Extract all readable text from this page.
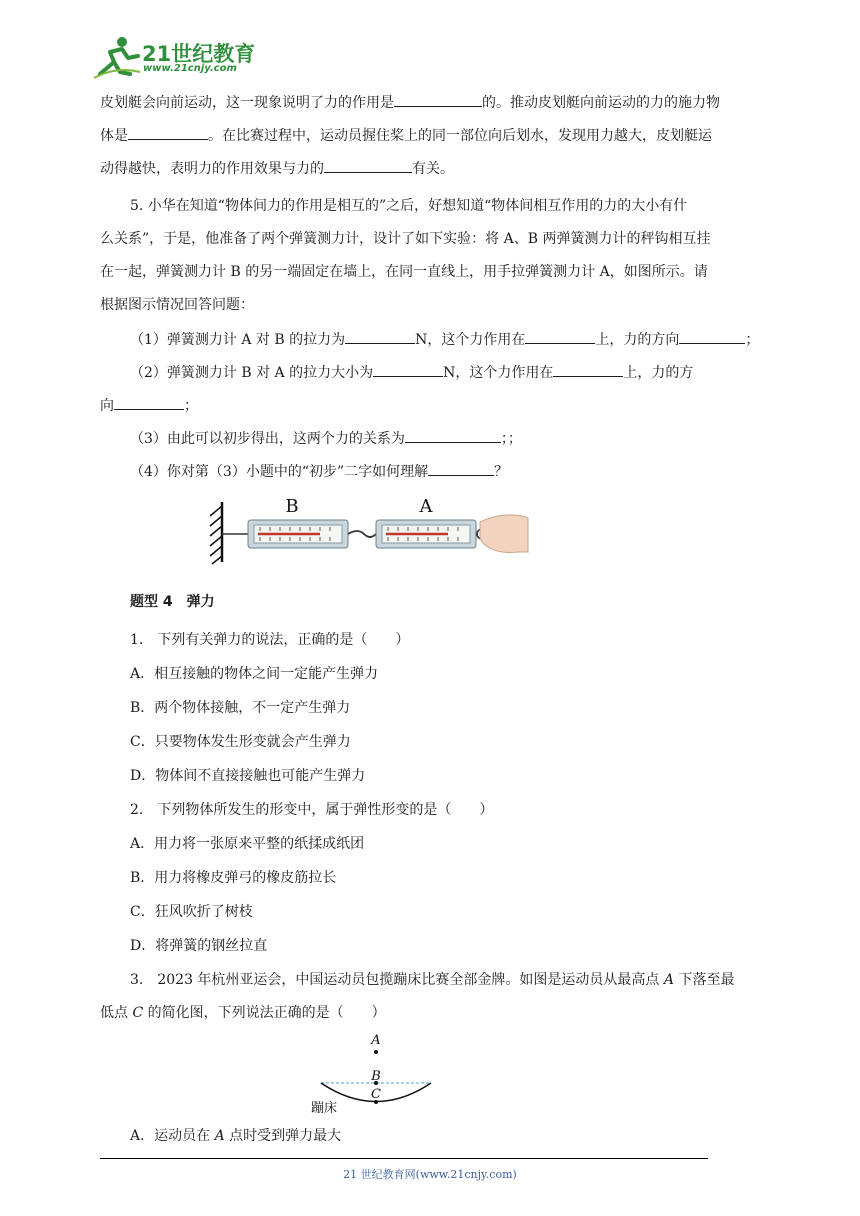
21世纪教育
www.21cnjy.com
皮划艇会向前运动，这一现象说明了力的作用是	的。推动皮划艇向前运动的力的施力物
体是	。在比赛过程中，运动员握住桨上的同一部位向后划水，发现用力越大，皮划艇运
动得越快，表明力的作用效果与力的	有关。
5. 小华在知道“物体间力的作用是相互的”之后，好想知道“物体间相互作用的力的大小有什
么关系”，于是，他准备了两个弹簧测力计，设计了如下实验：将 A、B 两弹簧测力计的秤钩相互挂
在一起，弹簧测力计 B 的另一端固定在墙上，在同一直线上，用手拉弹簧测力计 A，如图所示。请
根据图示情况回答问题：
（1）弹簧测力计 A 对 B 的拉力为	N，这个力作用在	上，力的方向	；
（2）弹簧测力计 B 对 A 的拉力大小为	N，这个力作用在	上，力的方
向	；
（3）由此可以初步得出，这两个力的关系为	；；
（4）你对第（3）小题中的“初步”二字如何理解	？
B	A
题型 4　弹力
1.　下列有关弹力的说法，正确的是（　　）
A．相互接触的物体之间一定能产生弹力
B．两个物体接触，不一定产生弹力
C．只要物体发生形变就会产生弹力
D．物体间不直接接触也可能产生弹力
2.　下列物体所发生的形变中，属于弹性形变的是（　　）
A．用力将一张原来平整的纸揉成纸团
B．用力将橡皮弹弓的橡皮筋拉长
C．狂风吹折了树枝
D．将弹簧的钢丝拉直
3.　2023 年杭州亚运会，中国运动员包揽蹦床比赛全部金牌。如图是运动员从最高点 A 下落至最
低点 C 的简化图，下列说法正确的是（　　）
A
B
C
蹦床
A．运动员在 A 点时受到弹力最大
21 世纪教育网(www.21cnjy.com)
